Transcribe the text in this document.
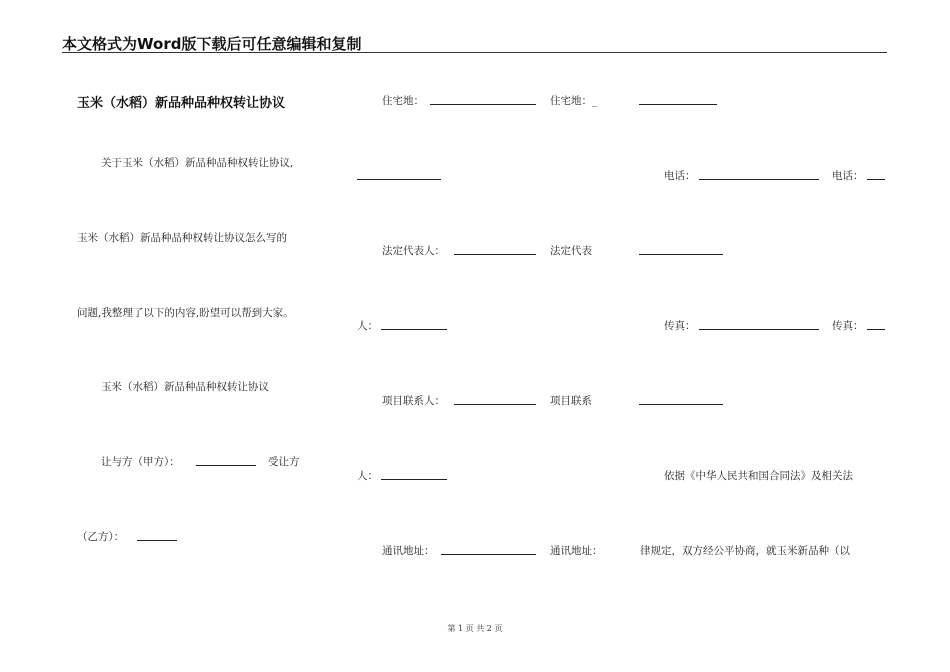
本文格式为Word版下载后可任意编辑和复制
玉米（水稻）新品种品种权转让协议
关于玉米（水稻）新品种品种权转让协议,
玉米（水稻）新品种品种权转让协议怎么写的
问题,我整理了以下的内容,盼望可以帮到大家。
玉米（水稻）新品种品种权转让协议
让与方（甲方）：	受让方
（乙方）：
住宅地：	住宅地：_
法定代表人：	法定代表
人：
项目联系人：	项目联系
人：
通讯地址：	通讯地址：
电话：	电话：
传真：	传真：
依据《中华人民共和国合同法》及相关法
律规定，双方经公平协商，就玉米新品种（以
第 1 页 共 2 页
